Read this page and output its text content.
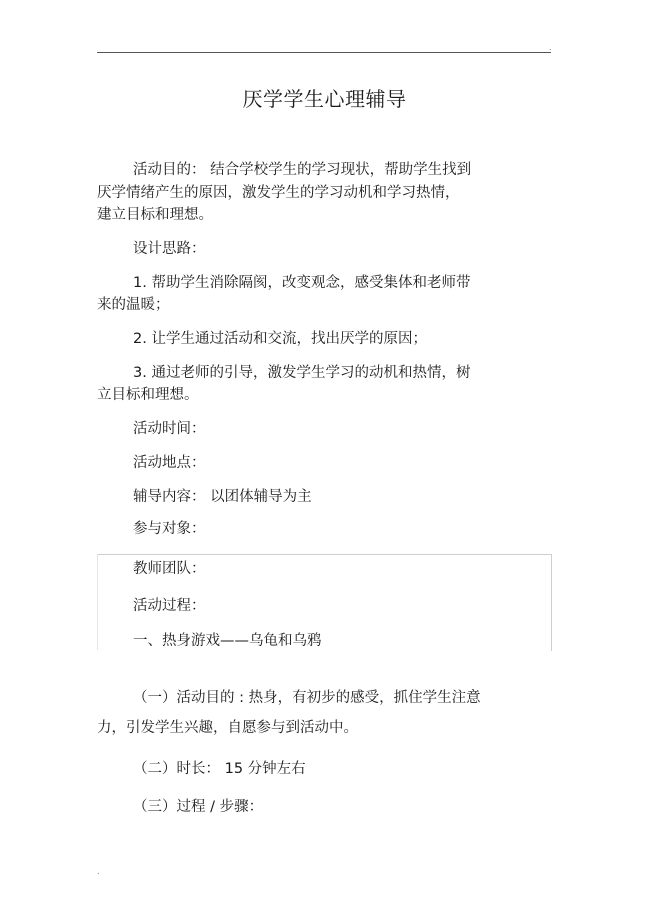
.
厌学学生心理辅导
活动目的： 结合学校学生的学习现状，帮助学生找到
厌学情绪产生的原因，激发学生的学习动机和学习热情，
建立目标和理想。
设计思路：
1. 帮助学生消除隔阂，改变观念，感受集体和老师带
来的温暖；
2. 让学生通过活动和交流，找出厌学的原因；
3. 通过老师的引导，激发学生学习的动机和热情，树
立目标和理想。
活动时间：
活动地点：
辅导内容： 以团体辅导为主
参与对象：
教师团队：
活动过程：
一、热身游戏——乌龟和乌鸦
（一）活动目的 : 热身，有初步的感受，抓住学生注意
力，引发学生兴趣，自愿参与到活动中。
（二）时长： 15 分钟左右
（三）过程 / 步骤：
.
